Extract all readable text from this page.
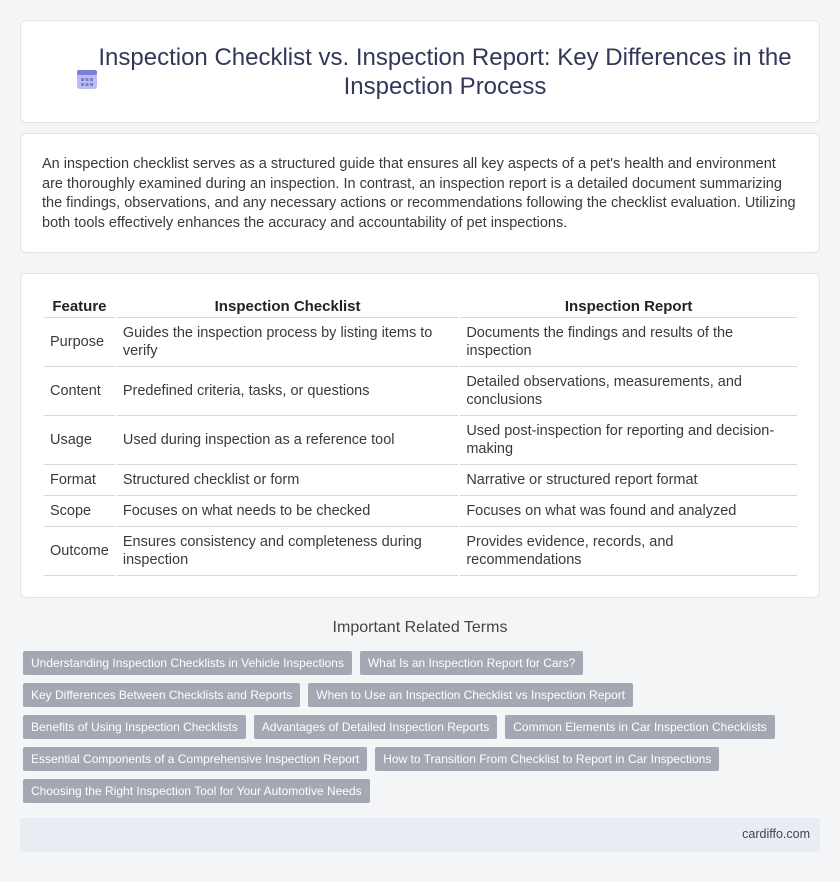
Inspection Checklist vs. Inspection Report: Key Differences in the Inspection Process

An inspection checklist serves as a structured guide that ensures all key aspects of a pet's health and environment are thoroughly examined during an inspection. In contrast, an inspection report is a detailed document summarizing the findings, observations, and any necessary actions or recommendations following the checklist evaluation. Utilizing both tools effectively enhances the accuracy and accountability of pet inspections.

Feature	Inspection Checklist	Inspection Report
Purpose	Guides the inspection process by listing items to verify	Documents the findings and results of the inspection
Content	Predefined criteria, tasks, or questions	Detailed observations, measurements, and conclusions
Usage	Used during inspection as a reference tool	Used post-inspection for reporting and decision-making
Format	Structured checklist or form	Narrative or structured report format
Scope	Focuses on what needs to be checked	Focuses on what was found and analyzed
Outcome	Ensures consistency and completeness during inspection	Provides evidence, records, and recommendations
Important Related Terms
Understanding Inspection Checklists in Vehicle Inspections	What Is an Inspection Report for Cars?
Key Differences Between Checklists and Reports	When to Use an Inspection Checklist vs Inspection Report
Benefits of Using Inspection Checklists	Advantages of Detailed Inspection Reports	Common Elements in Car Inspection Checklists
Essential Components of a Comprehensive Inspection Report	How to Transition From Checklist to Report in Car Inspections
Choosing the Right Inspection Tool for Your Automotive Needs
cardiffo.com
